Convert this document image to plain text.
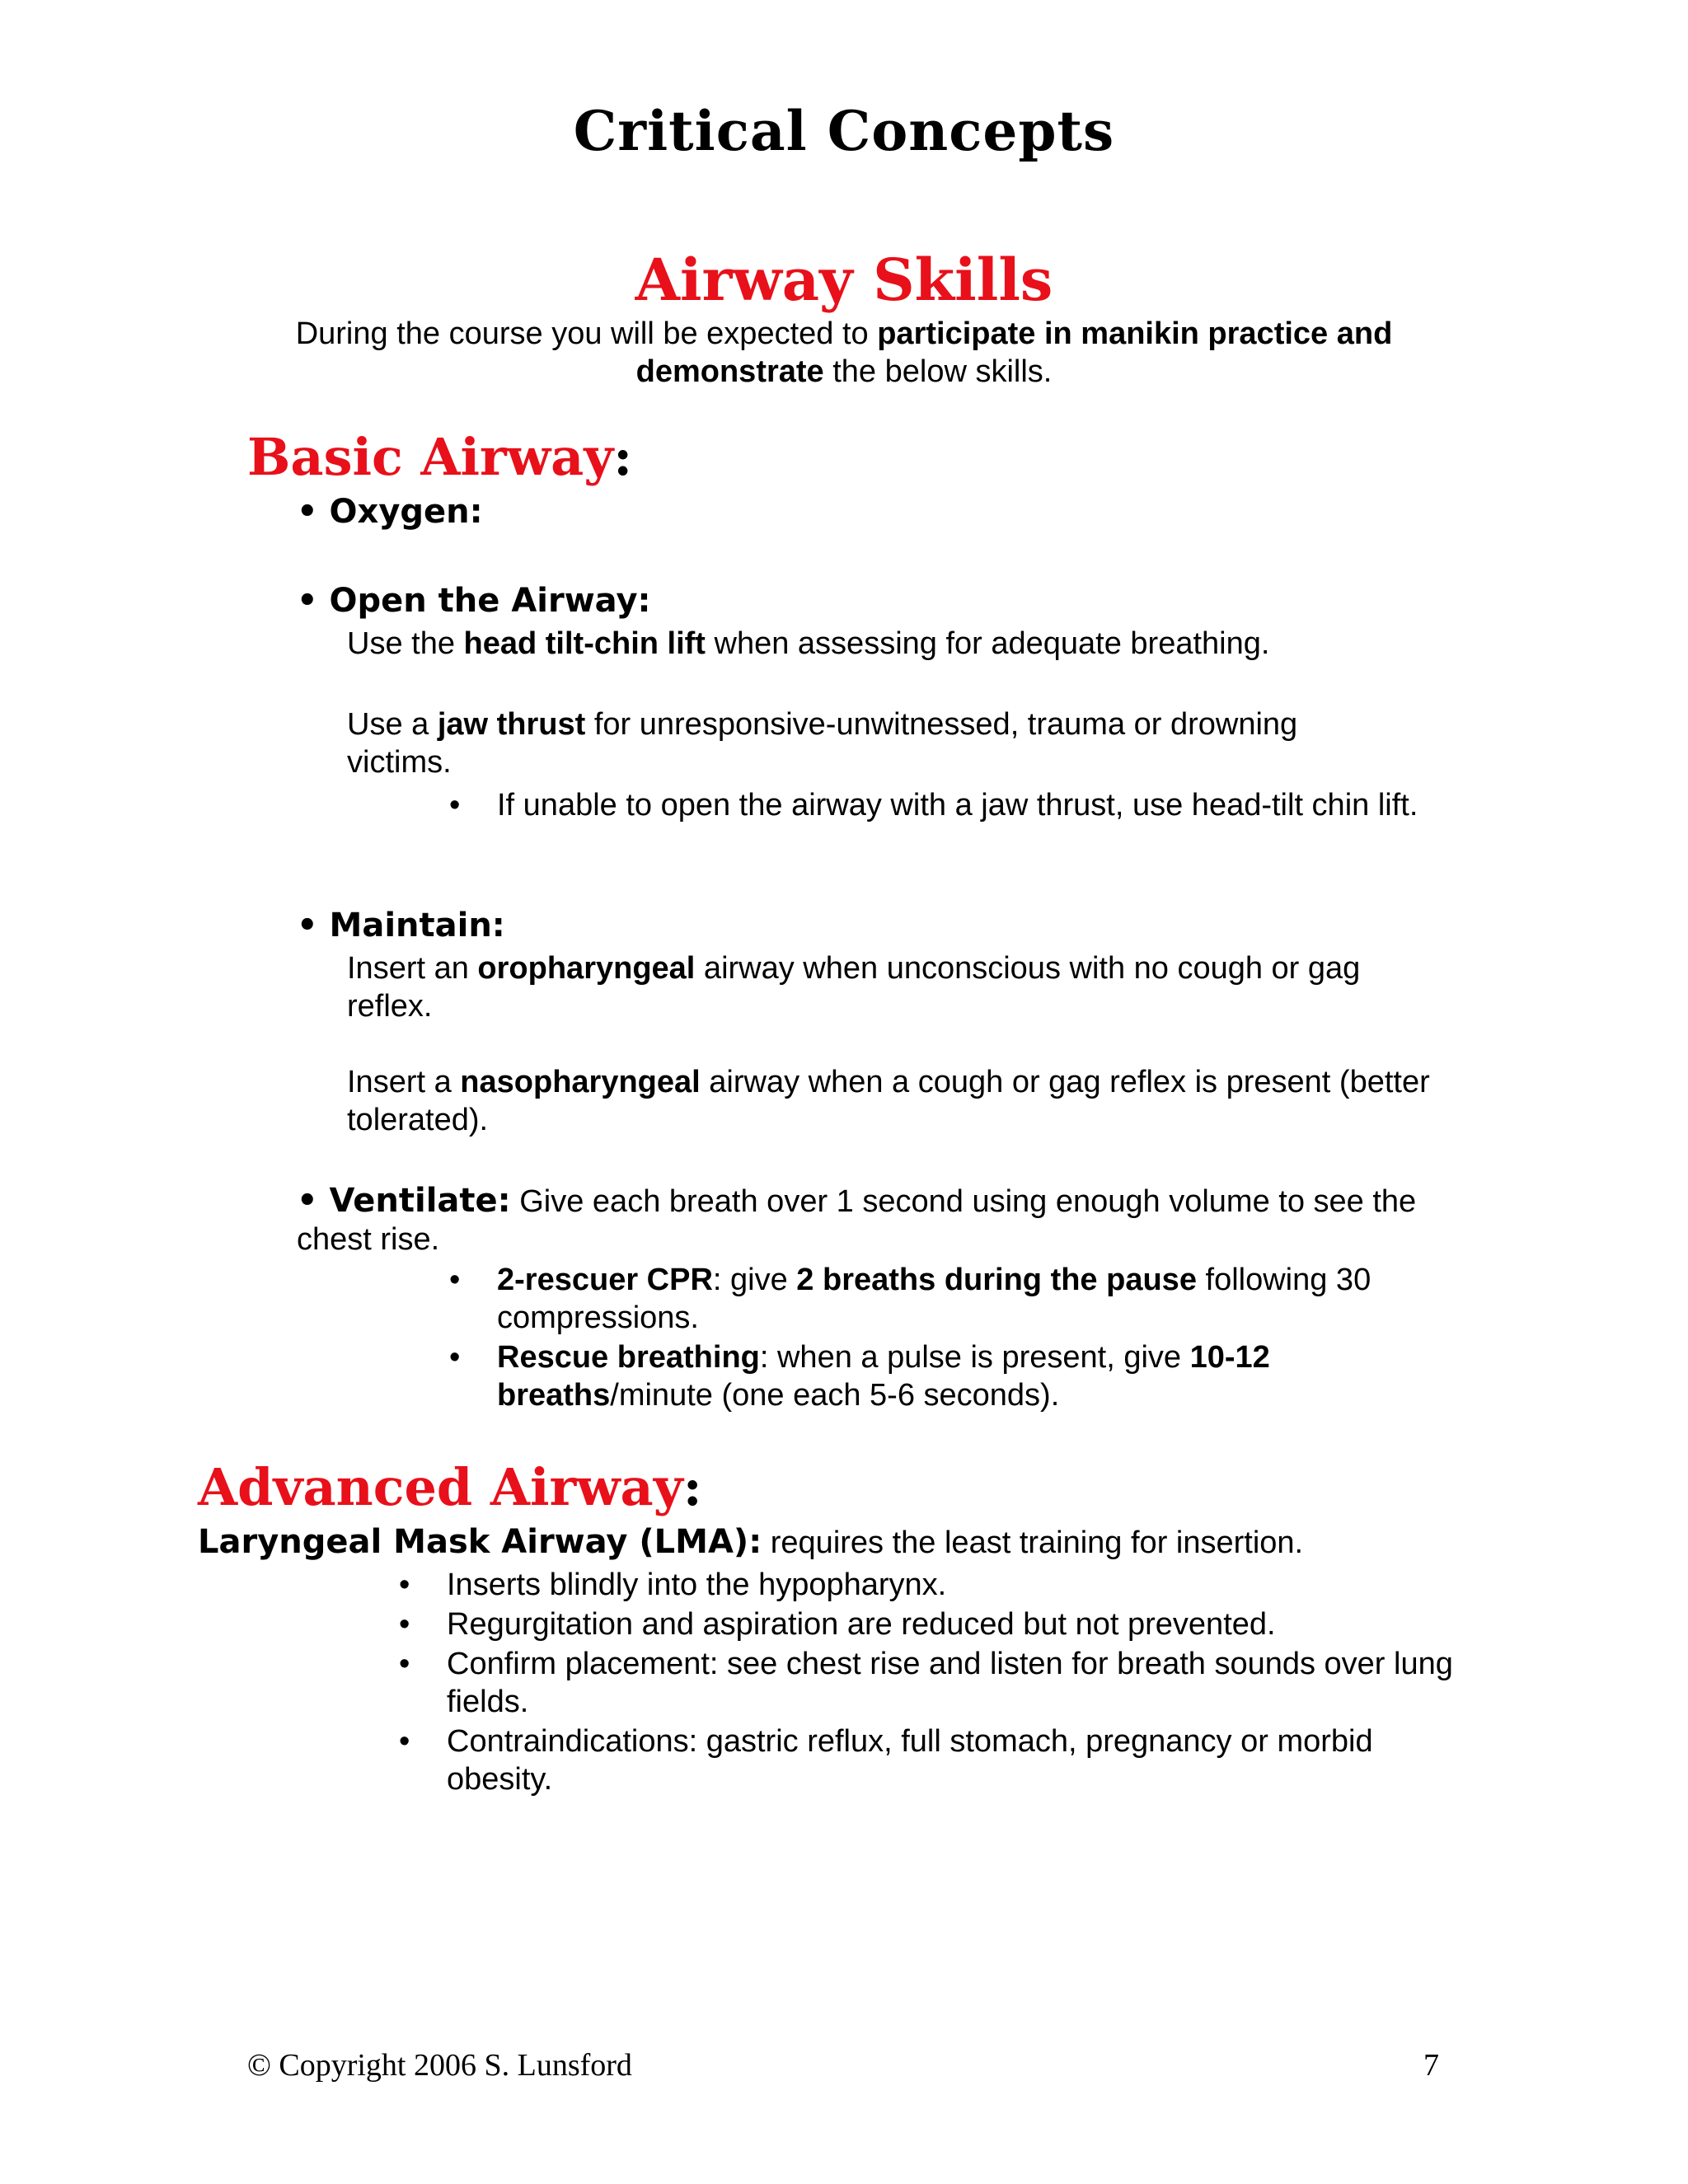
Critical Concepts
Airway Skills
During the course you will be expected to participate in manikin practice and demonstrate the below skills.
Basic Airway:
• Oxygen:
• Open the Airway:
Use the head tilt-chin lift when assessing for adequate breathing.
Use a jaw thrust for unresponsive-unwitnessed, trauma or drowning victims.
• If unable to open the airway with a jaw thrust, use head-tilt chin lift.
• Maintain:
Insert an oropharyngeal airway when unconscious with no cough or gag reflex.
Insert a nasopharyngeal airway when a cough or gag reflex is present (better tolerated).
• Ventilate: Give each breath over 1 second using enough volume to see the chest rise.
• 2-rescuer CPR: give 2 breaths during the pause following 30 compressions.
• Rescue breathing: when a pulse is present, give 10-12 breaths/minute (one each 5-6 seconds).
Advanced Airway:
Laryngeal Mask Airway (LMA): requires the least training for insertion.
• Inserts blindly into the hypopharynx.
• Regurgitation and aspiration are reduced but not prevented.
• Confirm placement: see chest rise and listen for breath sounds over lung fields.
• Contraindications: gastric reflux, full stomach, pregnancy or morbid obesity.
© Copyright 2006 S. Lunsford	7
